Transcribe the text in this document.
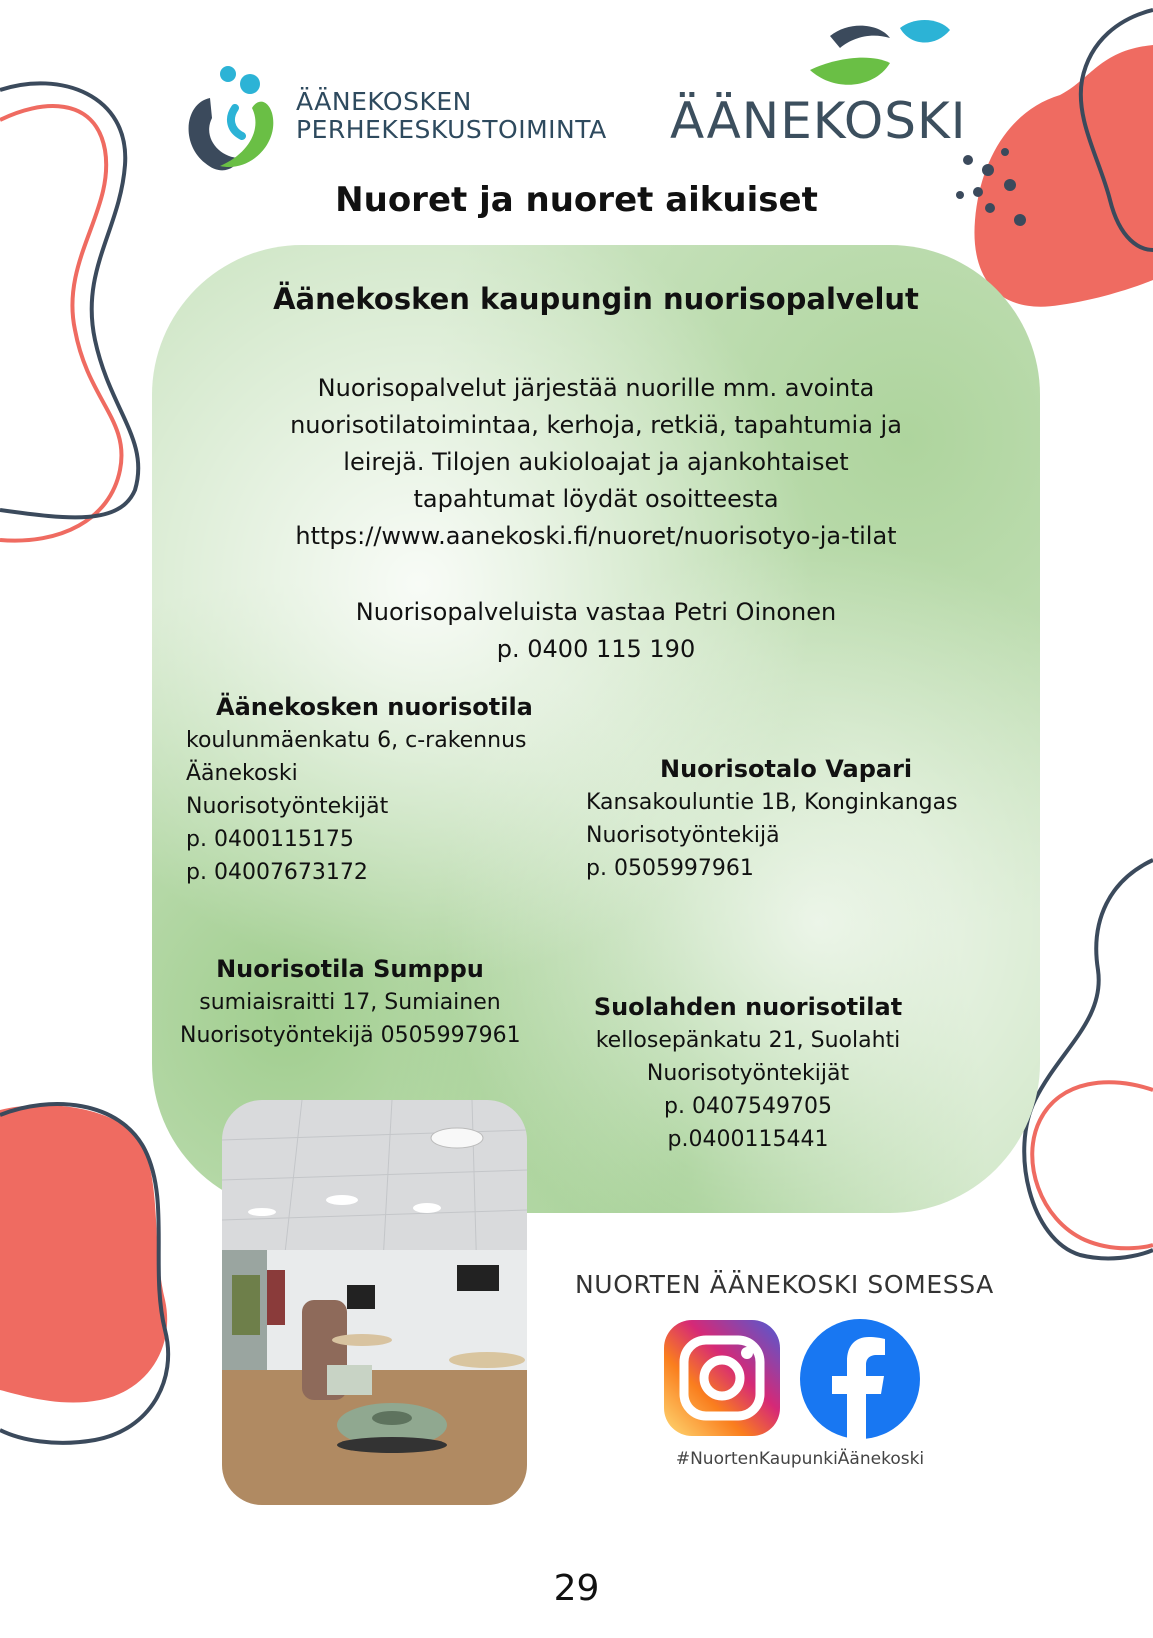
ÄÄNEKOSKEN
PERHEKESKUSTOIMINTA ÄÄNEKOSKI
Nuoret ja nuoret aikuiset
Äänekosken kaupungin nuorisopalvelut
Nuorisopalvelut järjestää nuorille mm. avointa
nuorisotilatoimintaa, kerhoja, retkiä, tapahtumia ja
leirejä. Tilojen aukioloajat ja ajankohtaiset
tapahtumat löydät osoitteesta
https://www.aanekoski.fi/nuoret/nuorisotyo-ja-tilat
Nuorisopalveluista vastaa Petri Oinonen
p. 0400 115 190
Äänekosken nuorisotila
koulunmäenkatu 6, c-rakennus
Äänekoski
Nuorisotyöntekijät
p. 0400115175
p. 04007673172
Nuorisotalo Vapari
Kansakouluntie 1B, Konginkangas
Nuorisotyöntekijä
p. 0505997961
Nuorisotila Sumppu
sumiaisraitti 17, Sumiainen
Nuorisotyöntekijä 0505997961
Suolahden nuorisotilat
kellosepänkatu 21, Suolahti
Nuorisotyöntekijät
p. 0407549705
p.0400115441
NUORTEN ÄÄNEKOSKI SOMESSA
#NuortenKaupunkiÄänekoski
29
